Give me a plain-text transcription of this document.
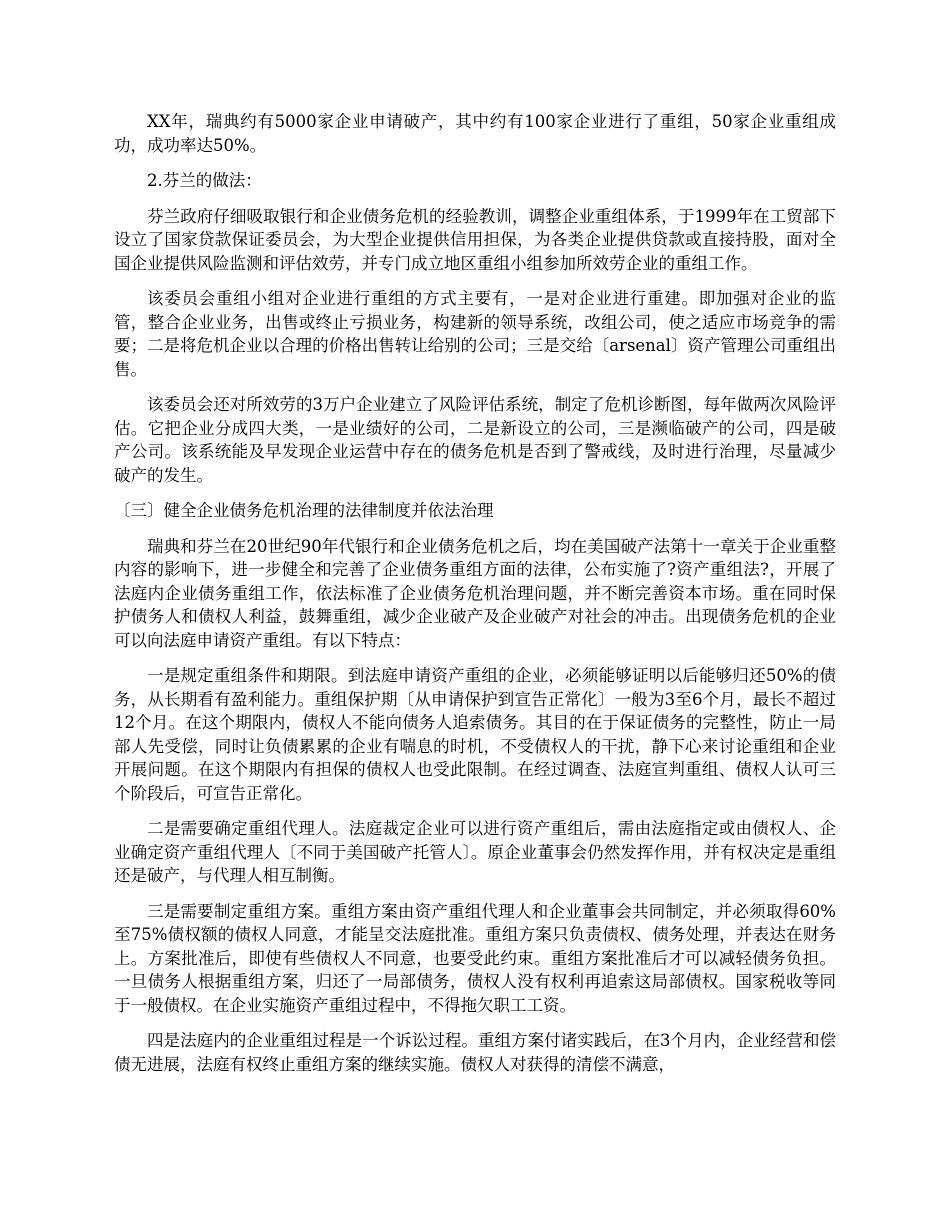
XX年，瑞典约有5000家企业申请破产，其中约有100家企业进行了重组，50家企业重组成功，成功率达50%。

2.芬兰的做法：

芬兰政府仔细吸取银行和企业债务危机的经验教训，调整企业重组体系，于1999年在工贸部下设立了国家贷款保证委员会，为大型企业提供信用担保，为各类企业提供贷款或直接持股，面对全国企业提供风险监测和评估效劳，并专门成立地区重组小组参加所效劳企业的重组工作。

该委员会重组小组对企业进行重组的方式主要有，一是对企业进行重建。即加强对企业的监管，整合企业业务，出售或终止亏损业务，构建新的领导系统，改组公司，使之适应市场竞争的需要；二是将危机企业以合理的价格出售转让给别的公司；三是交给〔arsenal〕资产管理公司重组出售。

该委员会还对所效劳的3万户企业建立了风险评估系统，制定了危机诊断图，每年做两次风险评估。它把企业分成四大类，一是业绩好的公司，二是新设立的公司，三是濒临破产的公司，四是破产公司。该系统能及早发现企业运营中存在的债务危机是否到了警戒线，及时进行治理，尽量减少破产的发生。

〔三〕健全企业债务危机治理的法律制度并依法治理

瑞典和芬兰在20世纪90年代银行和企业债务危机之后，均在美国破产法第十一章关于企业重整内容的影响下，进一步健全和完善了企业债务重组方面的法律，公布实施了?资产重组法?，开展了法庭内企业债务重组工作，依法标准了企业债务危机治理问题，并不断完善资本市场。重在同时保护债务人和债权人利益，鼓舞重组，减少企业破产及企业破产对社会的冲击。出现债务危机的企业可以向法庭申请资产重组。有以下特点：

一是规定重组条件和期限。到法庭申请资产重组的企业，必须能够证明以后能够归还50%的债务，从长期看有盈利能力。重组保护期〔从申请保护到宣告正常化〕一般为3至6个月，最长不超过12个月。在这个期限内，债权人不能向债务人追索债务。其目的在于保证债务的完整性，防止一局部人先受偿，同时让负债累累的企业有喘息的时机，不受债权人的干扰，静下心来讨论重组和企业开展问题。在这个期限内有担保的债权人也受此限制。在经过调查、法庭宣判重组、债权人认可三个阶段后，可宣告正常化。

二是需要确定重组代理人。法庭裁定企业可以进行资产重组后，需由法庭指定或由债权人、企业确定资产重组代理人〔不同于美国破产托管人〕。原企业董事会仍然发挥作用，并有权决定是重组还是破产，与代理人相互制衡。

三是需要制定重组方案。重组方案由资产重组代理人和企业董事会共同制定，并必须取得60%至75%债权额的债权人同意，才能呈交法庭批准。重组方案只负责债权、债务处理，并表达在财务上。方案批准后，即使有些债权人不同意，也要受此约束。重组方案批准后才可以减轻债务负担。一旦债务人根据重组方案，归还了一局部债务，债权人没有权利再追索这局部债权。国家税收等同于一般债权。在企业实施资产重组过程中，不得拖欠职工工资。

四是法庭内的企业重组过程是一个诉讼过程。重组方案付诸实践后，在3个月内，企业经营和偿债无进展，法庭有权终止重组方案的继续实施。债权人对获得的清偿不满意，
